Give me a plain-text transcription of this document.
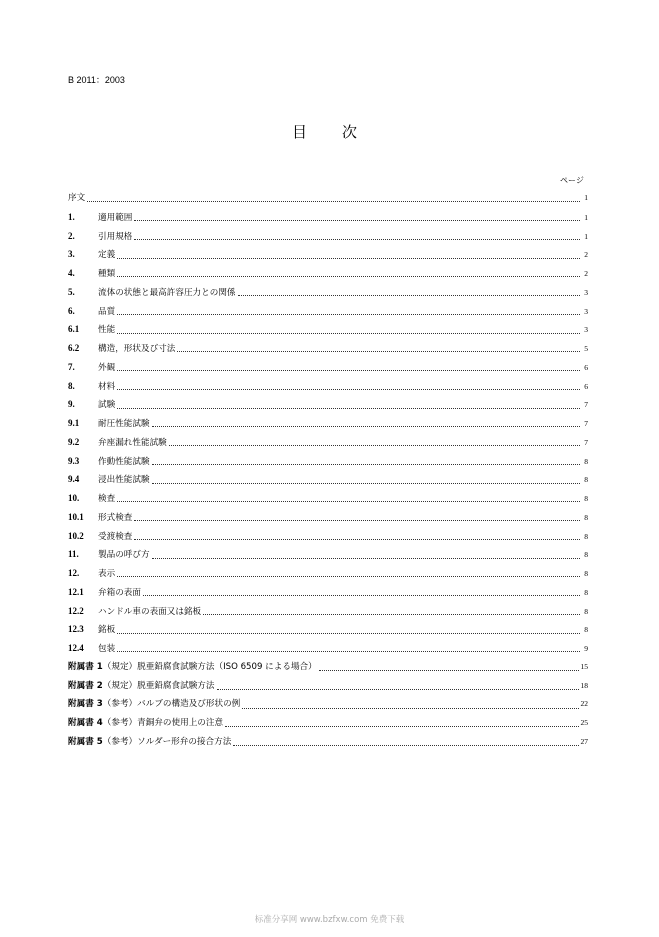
B 2011：2003
目　次
ページ
序文	1
1.	適用範囲	1
2.	引用規格	1
3.	定義	2
4.	種類	2
5.	流体の状態と最高許容圧力との関係	3
6.	品質	3
6.1	性能	3
6.2	構造，形状及び寸法	5
7.	外観	6
8.	材料	6
9.	試験	7
9.1	耐圧性能試験	7
9.2	弁座漏れ性能試験	7
9.3	作動性能試験	8
9.4	浸出性能試験	8
10.	検査	8
10.1	形式検査	8
10.2	受渡検査	8
11.	製品の呼び方	8
12.	表示	8
12.1	弁箱の表面	8
12.2	ハンドル車の表面又は銘板	8
12.3	銘板	8
12.4	包装	9
附属書 1 （規定）脱亜鉛腐食試験方法（ISO 6509 による場合）	15
附属書 2 （規定）脱亜鉛腐食試験方法	18
附属書 3 （参考）バルブの構造及び形状の例	22
附属書 4 （参考）青銅弁の使用上の注意	25
附属書 5 （参考）ソルダー形弁の接合方法	27
标准分享网 www.bzfxw.com 免费下载
